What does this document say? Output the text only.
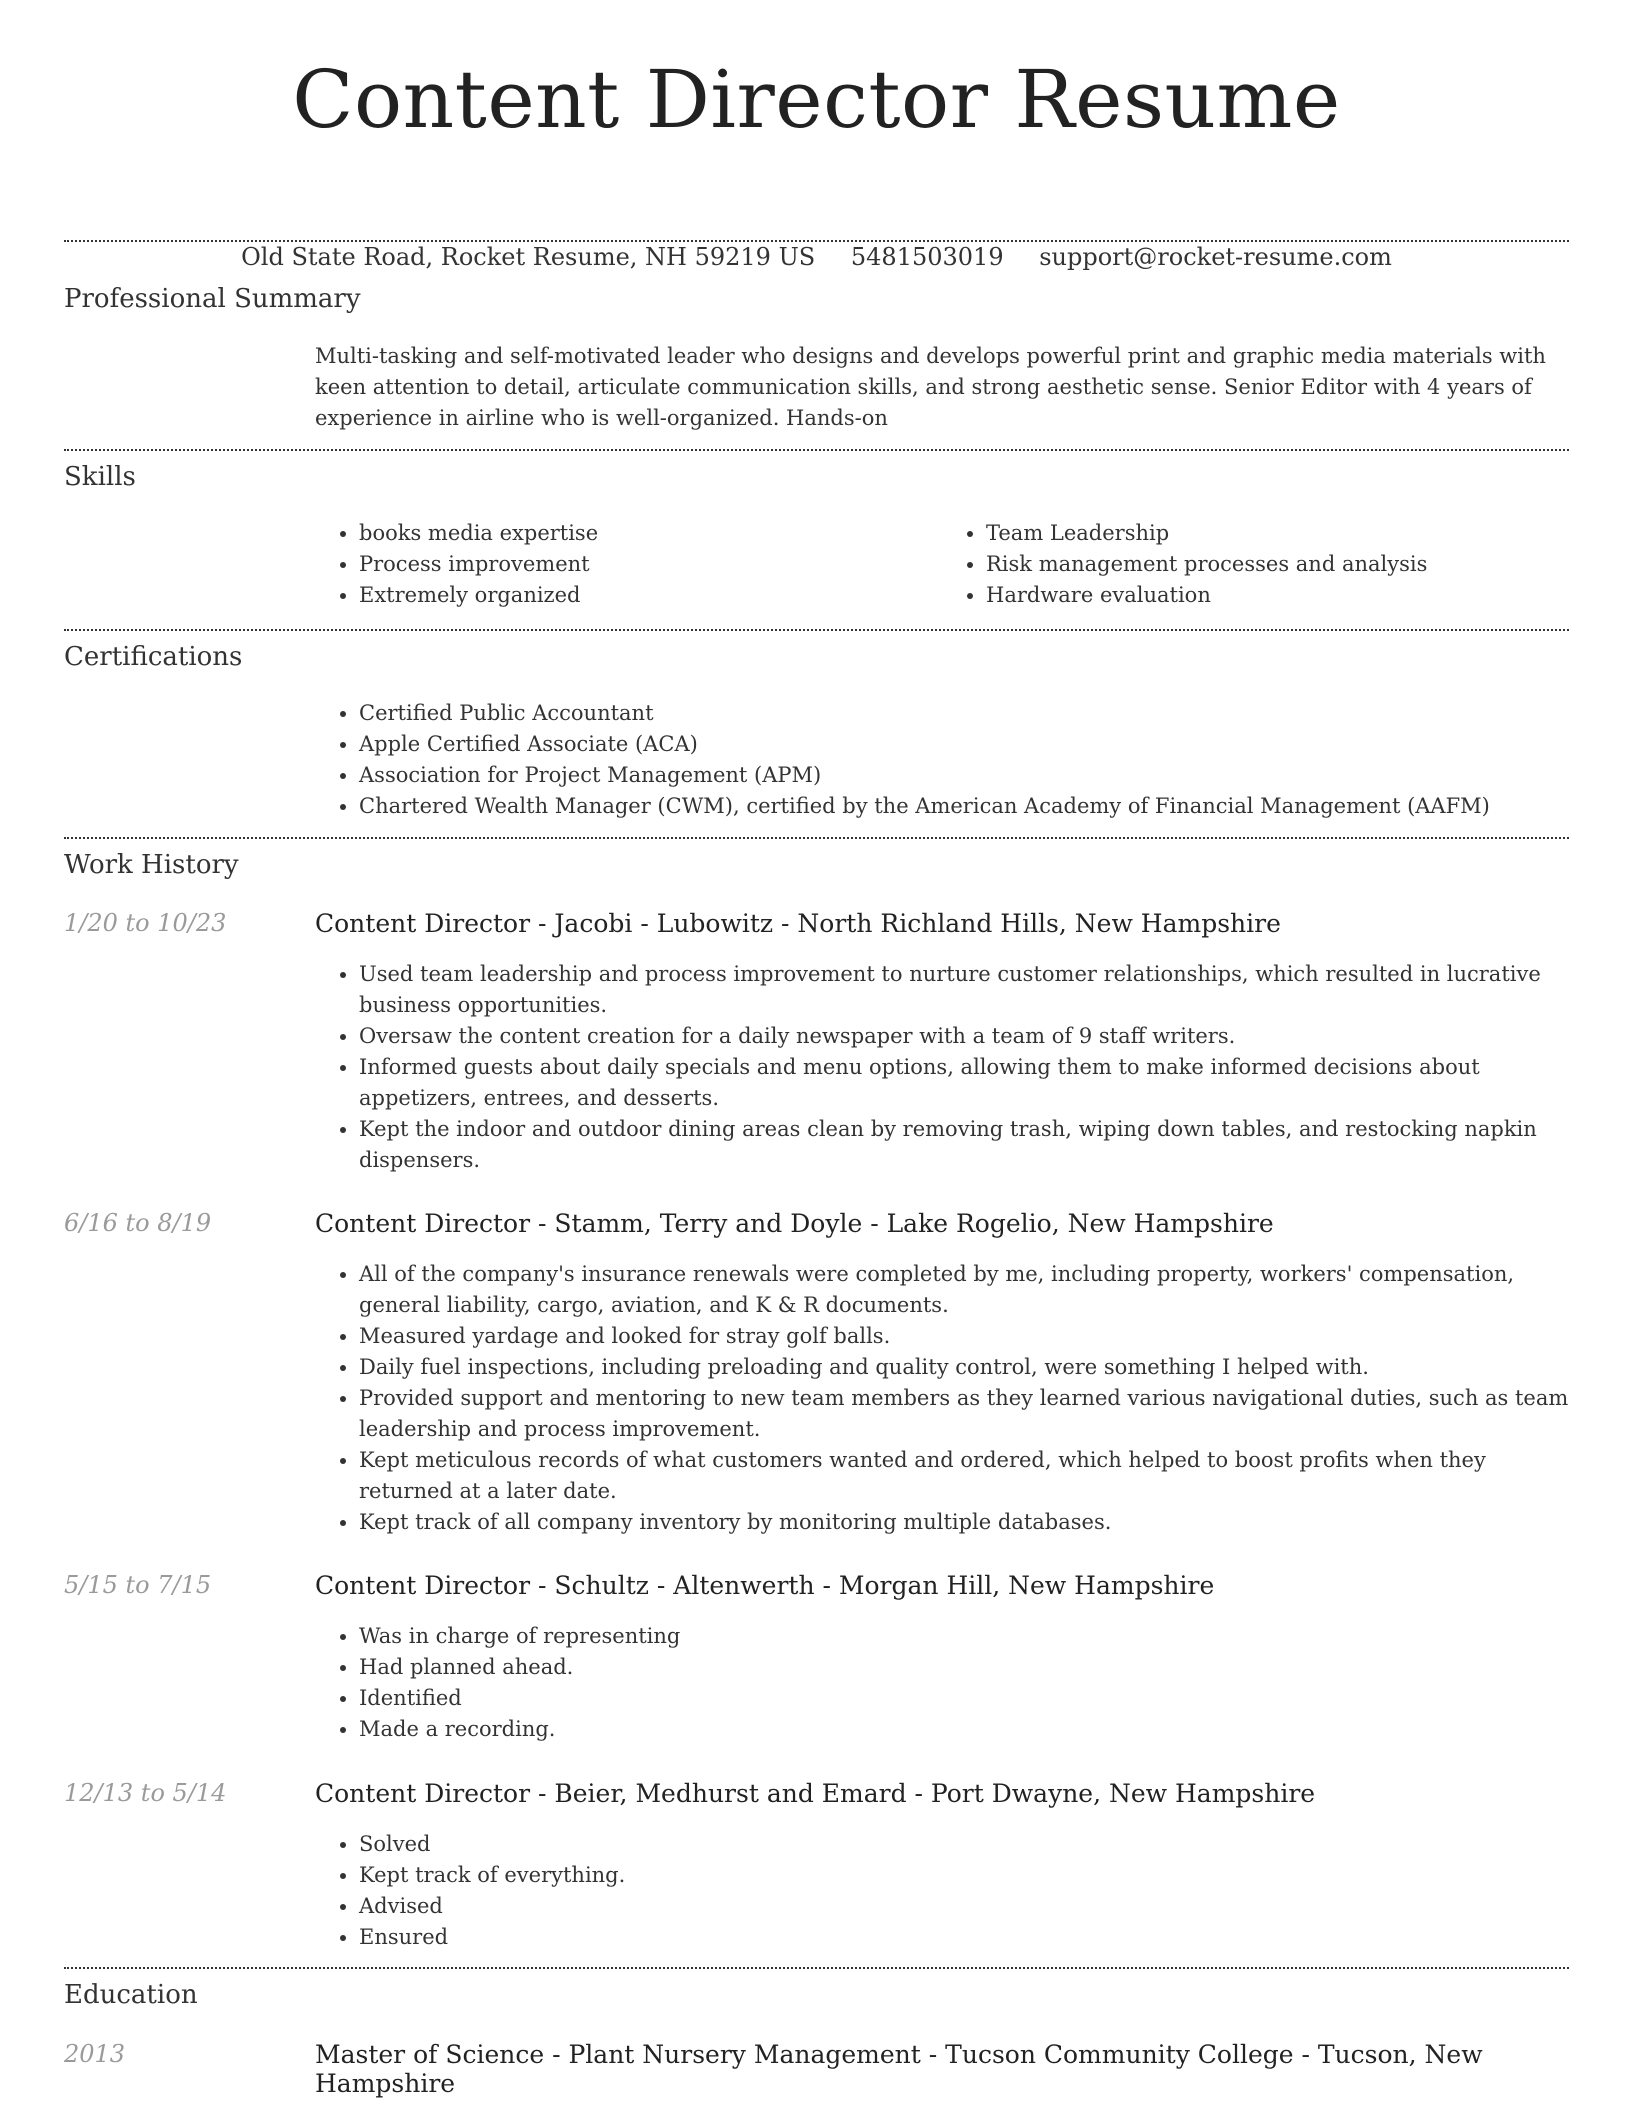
Content Director Resume
Old State Road, Rocket Resume, NH 59219 US 5481503019 support@rocket-resume.com
Professional Summary
Multi-tasking and self-motivated leader who designs and develops powerful print and graphic media materials with keen attention to detail, articulate communication skills, and strong aesthetic sense. Senior Editor with 4 years of experience in airline who is well-organized. Hands-on
Skills
• books media expertise
• Process improvement
• Extremely organized
• Team Leadership
• Risk management processes and analysis
• Hardware evaluation
Certifications
• Certified Public Accountant
• Apple Certified Associate (ACA)
• Association for Project Management (APM)
• Chartered Wealth Manager (CWM), certified by the American Academy of Financial Management (AAFM)
Work History
1/20 to 10/23	Content Director - Jacobi - Lubowitz - North Richland Hills, New Hampshire
• Used team leadership and process improvement to nurture customer relationships, which resulted in lucrative business opportunities.
• Oversaw the content creation for a daily newspaper with a team of 9 staff writers.
• Informed guests about daily specials and menu options, allowing them to make informed decisions about appetizers, entrees, and desserts.
• Kept the indoor and outdoor dining areas clean by removing trash, wiping down tables, and restocking napkin dispensers.
6/16 to 8/19	Content Director - Stamm, Terry and Doyle - Lake Rogelio, New Hampshire
• All of the company's insurance renewals were completed by me, including property, workers' compensation, general liability, cargo, aviation, and K & R documents.
• Measured yardage and looked for stray golf balls.
• Daily fuel inspections, including preloading and quality control, were something I helped with.
• Provided support and mentoring to new team members as they learned various navigational duties, such as team leadership and process improvement.
• Kept meticulous records of what customers wanted and ordered, which helped to boost profits when they returned at a later date.
• Kept track of all company inventory by monitoring multiple databases.
5/15 to 7/15	Content Director - Schultz - Altenwerth - Morgan Hill, New Hampshire
• Was in charge of representing
• Had planned ahead.
• Identified
• Made a recording.
12/13 to 5/14	Content Director - Beier, Medhurst and Emard - Port Dwayne, New Hampshire
• Solved
• Kept track of everything.
• Advised
• Ensured
Education
2013	Master of Science - Plant Nursery Management - Tucson Community College - Tucson, New Hampshire
